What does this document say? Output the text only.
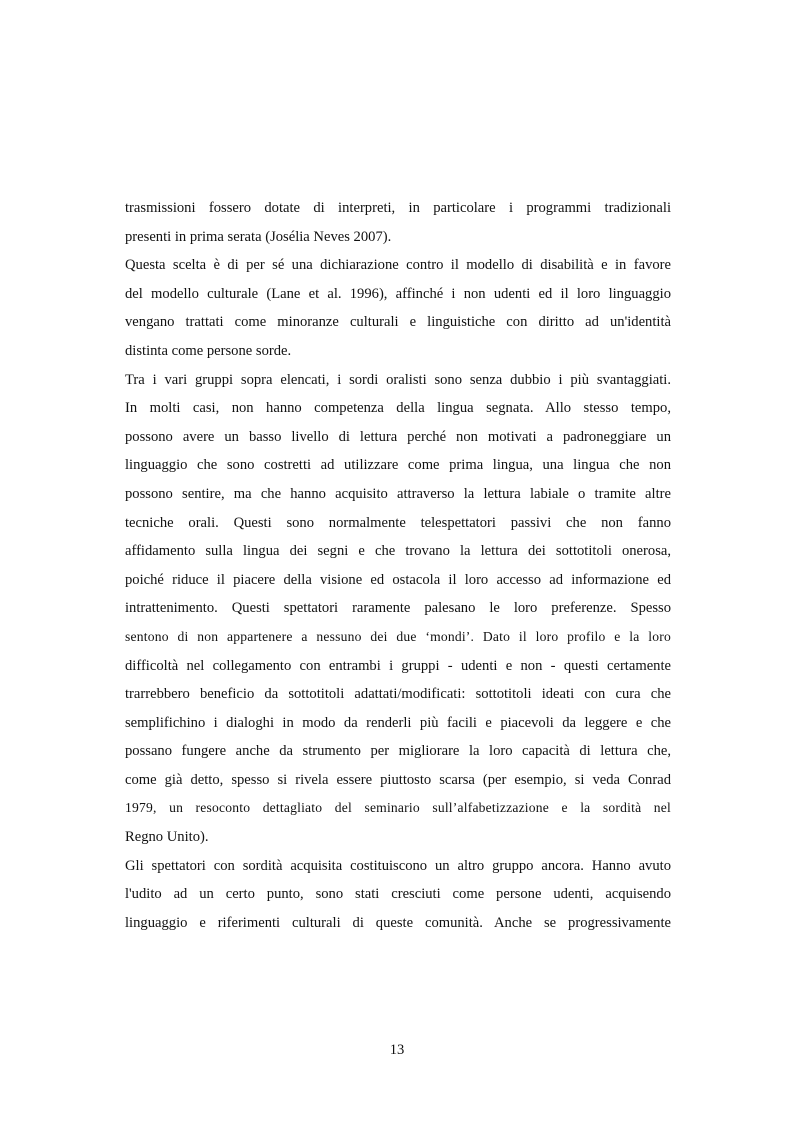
trasmissioni fossero dotate di interpreti, in particolare i programmi tradizionali
presenti in prima serata (Josélia Neves 2007).
Questa scelta è di per sé una dichiarazione contro il modello di disabilità e in favore
del modello culturale (Lane et al. 1996), affinché i non udenti ed il loro linguaggio
vengano trattati come minoranze culturali e linguistiche con diritto ad un'identità
distinta come persone sorde.
Tra i vari gruppi sopra elencati, i sordi oralisti sono senza dubbio i più svantaggiati.
In molti casi, non hanno competenza della lingua segnata. Allo stesso tempo,
possono avere un basso livello di lettura perché non motivati a padroneggiare un
linguaggio che sono costretti ad utilizzare come prima lingua, una lingua che non
possono sentire, ma che hanno acquisito attraverso la lettura labiale o tramite altre
tecniche orali. Questi sono normalmente telespettatori passivi che non fanno
affidamento sulla lingua dei segni e che trovano la lettura dei sottotitoli onerosa,
poiché riduce il piacere della visione ed ostacola il loro accesso ad informazione ed
intrattenimento. Questi spettatori raramente palesano le loro preferenze. Spesso
sentono di non appartenere a nessuno dei due ‘mondi’. Dato il loro profilo e la loro
difficoltà nel collegamento con entrambi i gruppi - udenti e non - questi certamente
trarrebbero beneficio da sottotitoli adattati/modificati: sottotitoli ideati con cura che
semplifichino i dialoghi in modo da renderli più facili e piacevoli da leggere e che
possano fungere anche da strumento per migliorare la loro capacità di lettura che,
come già detto, spesso si rivela essere piuttosto scarsa (per esempio, si veda Conrad
1979, un resoconto dettagliato del seminario sull’alfabetizzazione e la sordità nel
Regno Unito).
Gli spettatori con sordità acquisita costituiscono un altro gruppo ancora. Hanno avuto
l'udito ad un certo punto, sono stati cresciuti come persone udenti, acquisendo
linguaggio e riferimenti culturali di queste comunità. Anche se progressivamente
13
